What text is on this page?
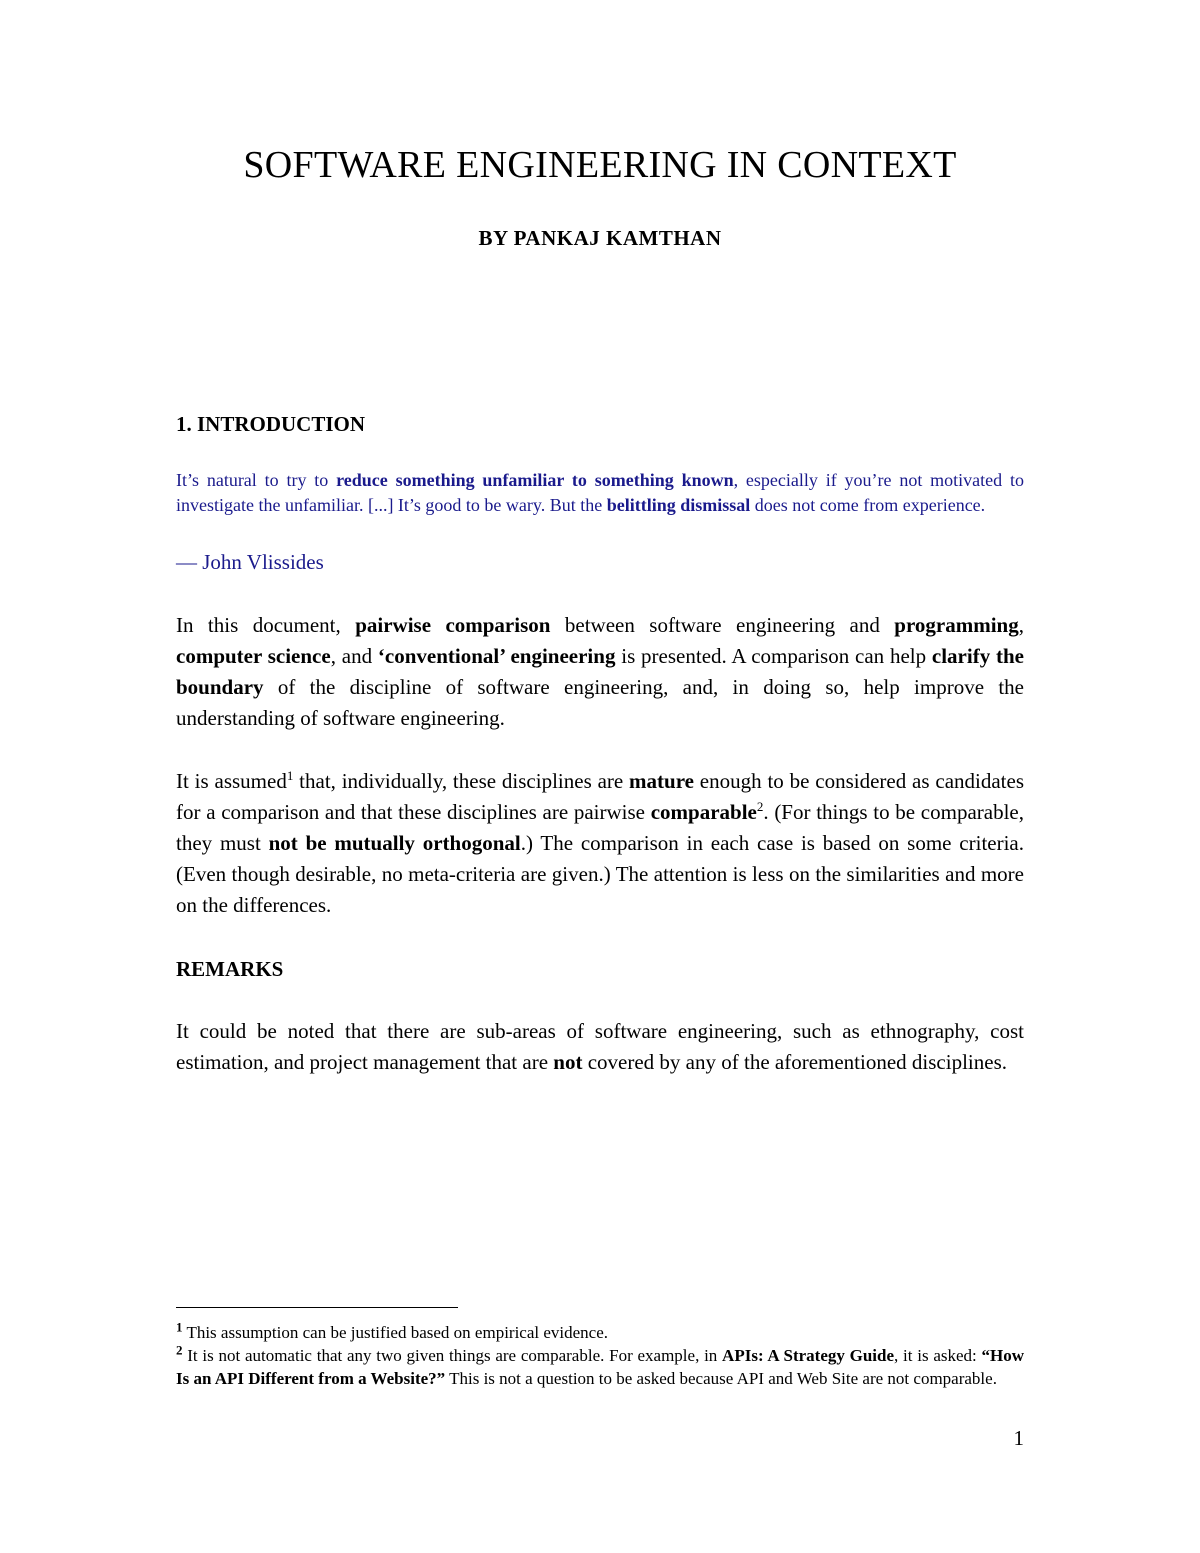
SOFTWARE ENGINEERING IN CONTEXT

BY PANKAJ KAMTHAN

1. INTRODUCTION

It’s natural to try to reduce something unfamiliar to something known, especially if you’re not motivated to investigate the unfamiliar. [...] It’s good to be wary. But the belittling dismissal does not come from experience.

— John Vlissides

In this document, pairwise comparison between software engineering and programming, computer science, and ‘conventional’ engineering is presented. A comparison can help clarify the boundary of the discipline of software engineering, and, in doing so, help improve the understanding of software engineering.

It is assumed$^1$ that, individually, these disciplines are mature enough to be considered as candidates for a comparison and that these disciplines are pairwise comparable$^2$. (For things to be comparable, they must not be mutually orthogonal.) The comparison in each case is based on some criteria. (Even though desirable, no meta-criteria are given.) The attention is less on the similarities and more on the differences.

REMARKS

It could be noted that there are sub-areas of software engineering, such as ethnography, cost estimation, and project management that are not covered by any of the aforementioned disciplines.

$^1$ This assumption can be justified based on empirical evidence.

$^2$ It is not automatic that any two given things are comparable. For example, in APIs: A Strategy Guide, it is asked: “How Is an API Different from a Website?” This is not a question to be asked because API and Web Site are not comparable.

1
